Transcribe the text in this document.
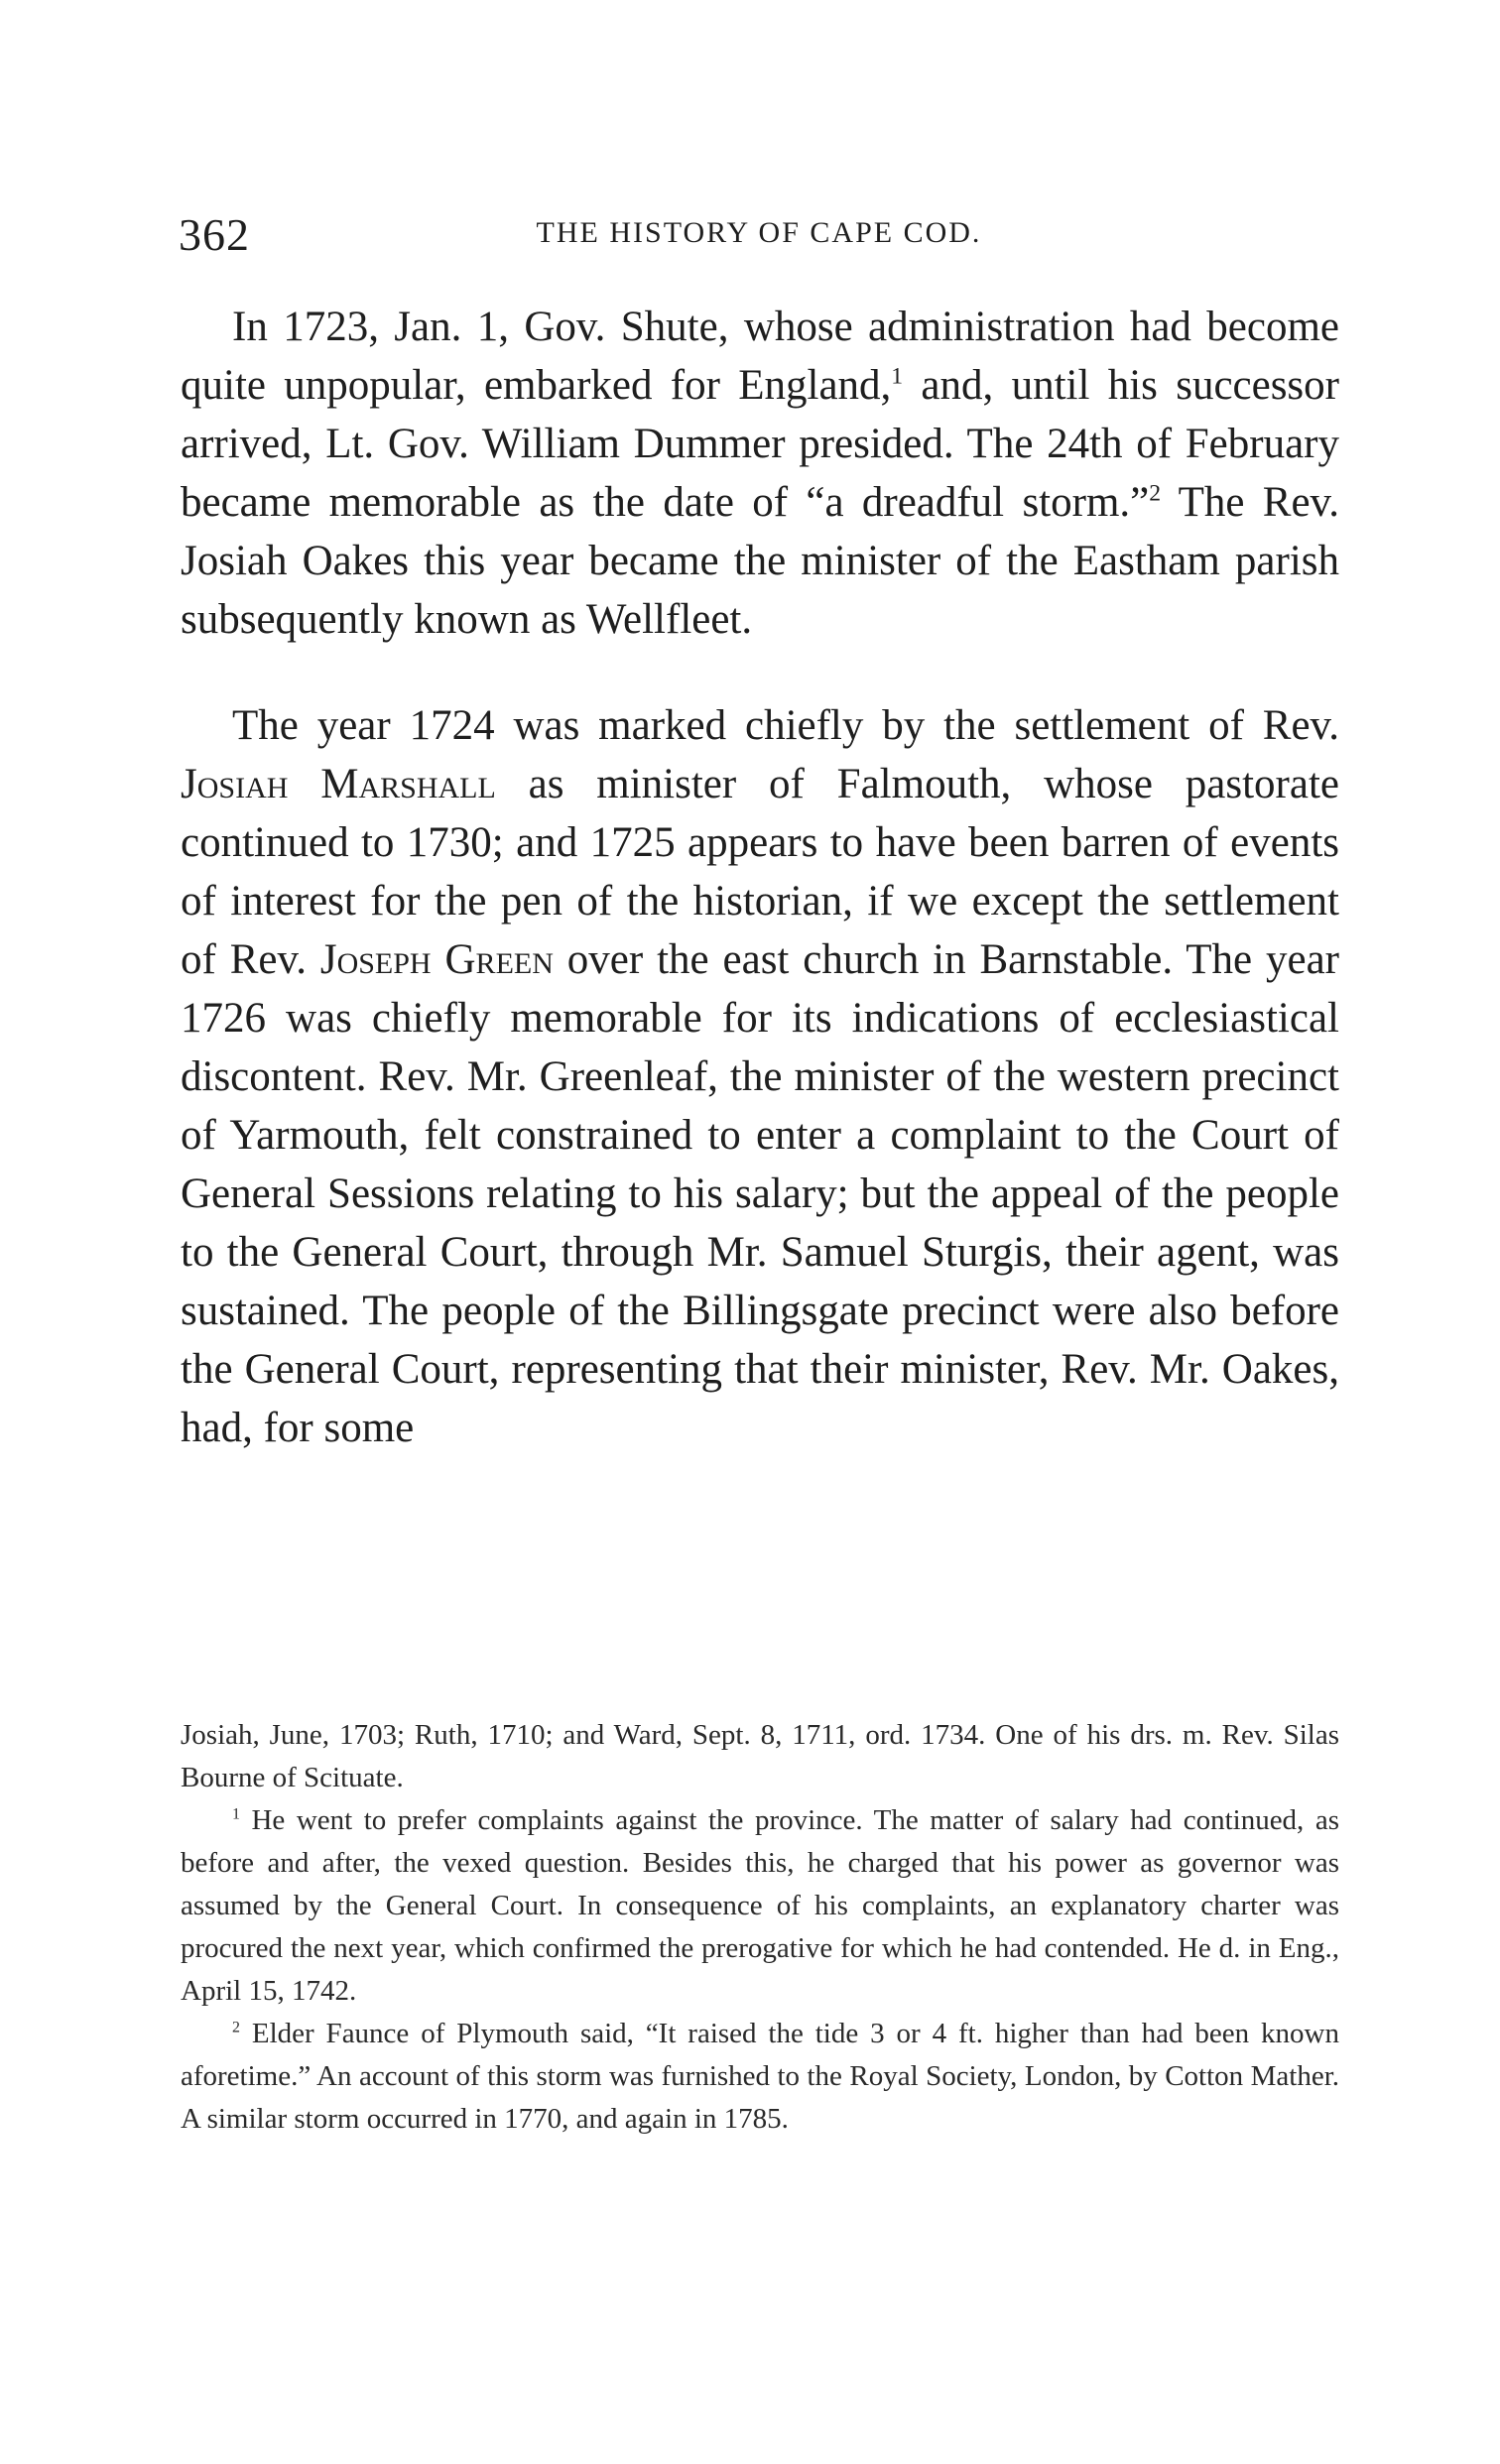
362	THE HISTORY OF CAPE COD.

In 1723, Jan. 1, Gov. Shute, whose administration had become quite unpopular, embarked for England,$^1$ and, until his successor arrived, Lt. Gov. William Dummer presided. The 24th of February became memorable as the date of “a dreadful storm.”$^2$ The Rev. Josiah Oakes this year became the minister of the Eastham parish subsequently known as Wellfleet.

The year 1724 was marked chiefly by the settlement of Rev. Josiah Marshall as minister of Falmouth, whose pastorate continued to 1730; and 1725 appears to have been barren of events of interest for the pen of the historian, if we except the settlement of Rev. Joseph Green over the east church in Barnstable. The year 1726 was chiefly memorable for its indications of ecclesiastical discontent. Rev. Mr. Greenleaf, the minister of the western precinct of Yarmouth, felt constrained to enter a complaint to the Court of General Sessions relating to his salary; but the appeal of the people to the General Court, through Mr. Samuel Sturgis, their agent, was sustained. The people of the Billingsgate precinct were also before the General Court, representing that their minister, Rev. Mr. Oakes, had, for some

Josiah, June, 1703; Ruth, 1710; and Ward, Sept. 8, 1711, ord. 1734. One of his drs. m. Rev. Silas Bourne of Scituate.

$^1$ He went to prefer complaints against the province. The matter of salary had continued, as before and after, the vexed question. Besides this, he charged that his power as governor was assumed by the General Court. In consequence of his complaints, an explanatory charter was procured the next year, which confirmed the prerogative for which he had contended. He d. in Eng., April 15, 1742.

$^2$ Elder Faunce of Plymouth said, “It raised the tide 3 or 4 ft. higher than had been known aforetime.” An account of this storm was furnished to the Royal Society, London, by Cotton Mather. A similar storm occurred in 1770, and again in 1785.
